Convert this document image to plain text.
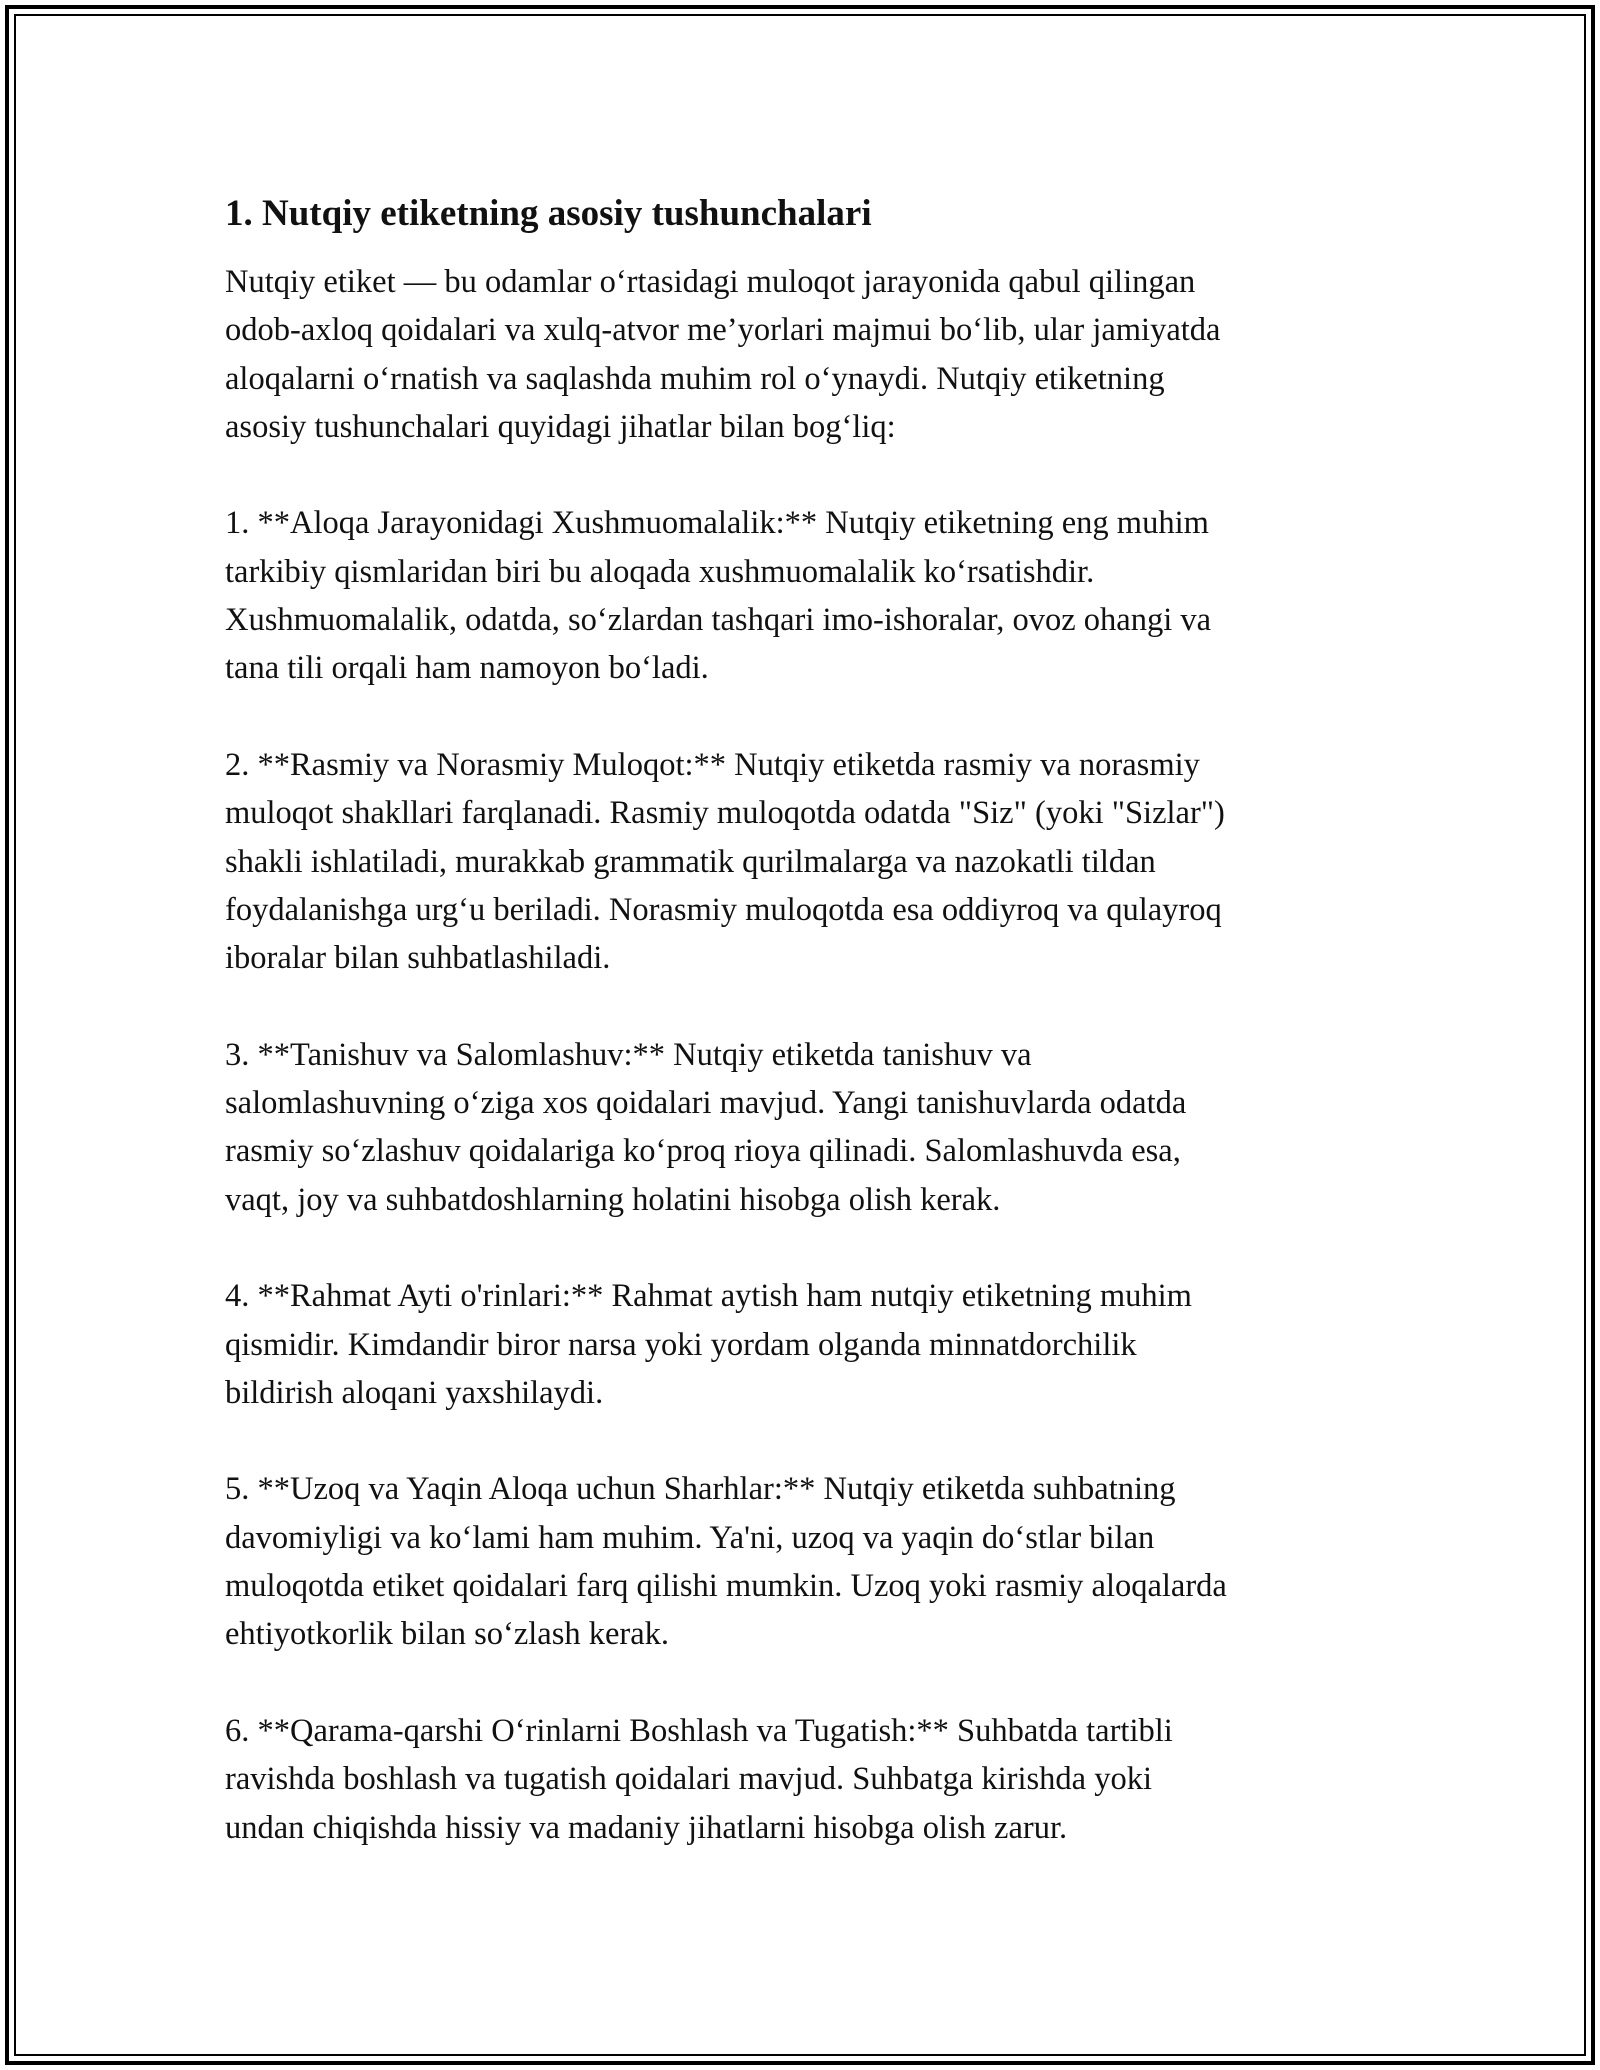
1. Nutqiy etiketning asosiy tushunchalari

Nutqiy etiket — bu odamlar o‘rtasidagi muloqot jarayonida qabul qilingan
odob-axloq qoidalari va xulq-atvor me’yorlari majmui bo‘lib, ular jamiyatda
aloqalarni o‘rnatish va saqlashda muhim rol o‘ynaydi. Nutqiy etiketning
asosiy tushunchalari quyidagi jihatlar bilan bog‘liq:

1. **Aloqa Jarayonidagi Xushmuomalalik:** Nutqiy etiketning eng muhim
tarkibiy qismlaridan biri bu aloqada xushmuomalalik ko‘rsatishdir.
Xushmuomalalik, odatda, so‘zlardan tashqari imo-ishoralar, ovoz ohangi va
tana tili orqali ham namoyon bo‘ladi.

2. **Rasmiy va Norasmiy Muloqot:** Nutqiy etiketda rasmiy va norasmiy
muloqot shakllari farqlanadi. Rasmiy muloqotda odatda "Siz" (yoki "Sizlar")
shakli ishlatiladi, murakkab grammatik qurilmalarga va nazokatli tildan
foydalanishga urg‘u beriladi. Norasmiy muloqotda esa oddiyroq va qulayroq
iboralar bilan suhbatlashiladi.

3. **Tanishuv va Salomlashuv:** Nutqiy etiketda tanishuv va
salomlashuvning o‘ziga xos qoidalari mavjud. Yangi tanishuvlarda odatda
rasmiy so‘zlashuv qoidalariga ko‘proq rioya qilinadi. Salomlashuvda esa,
vaqt, joy va suhbatdoshlarning holatini hisobga olish kerak.

4. **Rahmat Ayti o'rinlari:** Rahmat aytish ham nutqiy etiketning muhim
qismidir. Kimdandir biror narsa yoki yordam olganda minnatdorchilik
bildirish aloqani yaxshilaydi.

5. **Uzoq va Yaqin Aloqa uchun Sharhlar:** Nutqiy etiketda suhbatning
davomiyligi va ko‘lami ham muhim. Ya'ni, uzoq va yaqin do‘stlar bilan
muloqotda etiket qoidalari farq qilishi mumkin. Uzoq yoki rasmiy aloqalarda
ehtiyotkorlik bilan so‘zlash kerak.

6. **Qarama-qarshi O‘rinlarni Boshlash va Tugatish:** Suhbatda tartibli
ravishda boshlash va tugatish qoidalari mavjud. Suhbatga kirishda yoki
undan chiqishda hissiy va madaniy jihatlarni hisobga olish zarur.
